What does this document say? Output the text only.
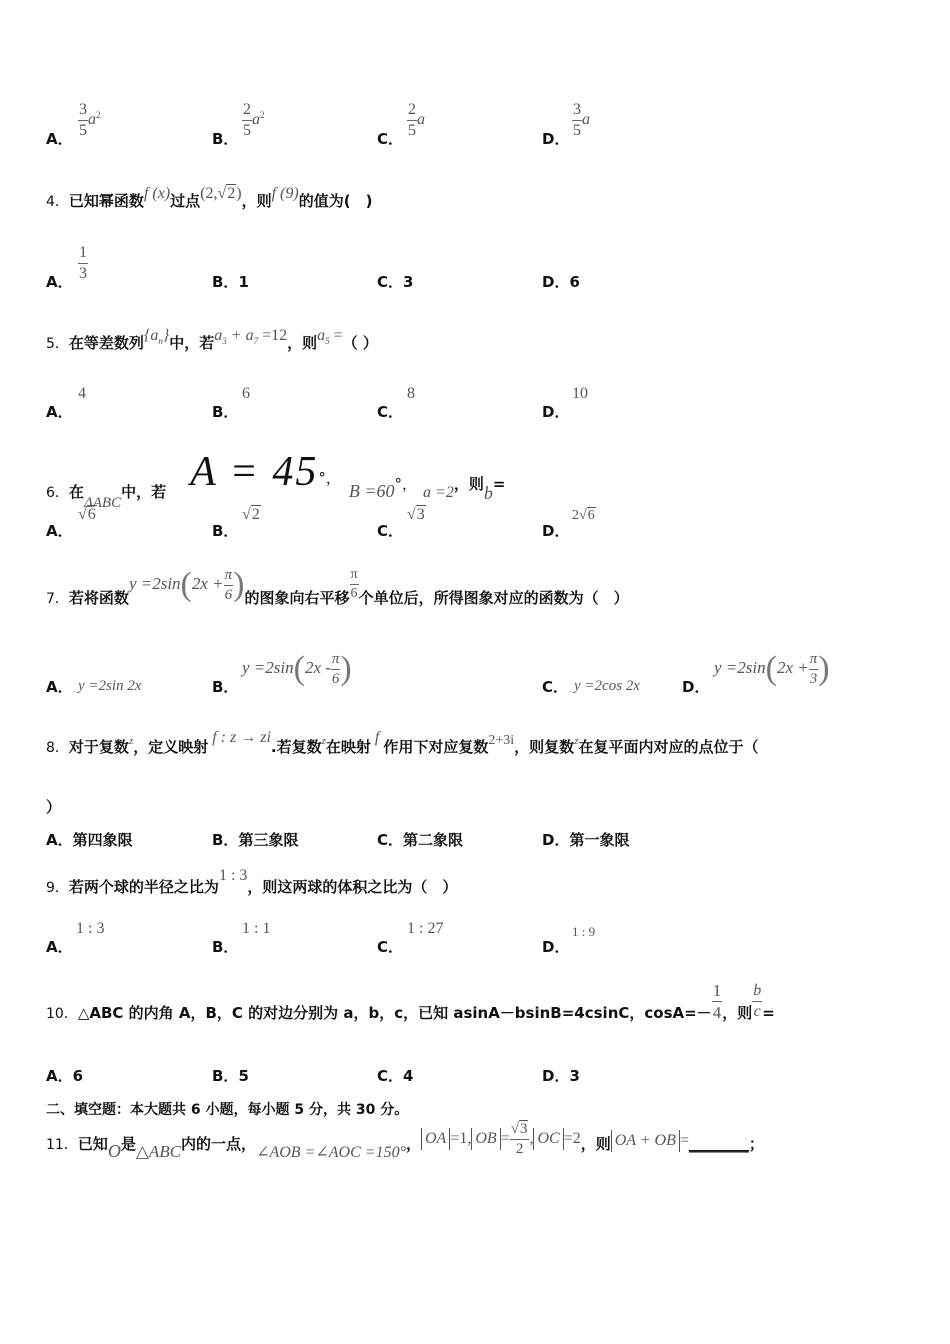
A． $\frac{3}{5} a^2$
B． $\frac{2}{5} a^2$
C． $\frac{2}{5}$ a
D． $\frac{3}{5}$ a
4．已知幂函数f (x)过点(2,√2)，则f (9)的值为(　)
A． $\frac{1}{3}$	B．1	C．3	D．6
5．在等差数列$\{a_n\}$中，若$a_3 + a_7 =12$，则$a_5$ =（ ）
A．
4
B．
6
C．
8
D．
10
6．在ΔABC中，若 A = 45°，B =60°， a =2，则b=
A．
√6
B．
√2
C．
√3
D．
2√6
7．若将函数$y =2\sin(2x + \frac{\pi}{6}$ )的图象向右平移 $\frac{\pi}{6}$ 个单位后，所得图象对应的函数为（　）
A． y =2sin 2x	B．
$y =2\sin(2x - \frac{\pi}{6}$ )	C． y =2cos 2x	D．
$y =2\sin(2x + \frac{\pi}{3}$ )
8．对于复数$^z$，定义映射f : z → zi.若复数$^z$在映射f作用下对应复数2+3i，则复数$^z$在复平面内对应的点位于（
）
A．第四象限	B．第三象限	C．第二象限	D．第一象限
9．若两个球的半径之比为1 : 3，则这两球的体积之比为（　）
A．
1 : 3
B．
1 : 1
C．
1 : 27
D．
1 : 9
10．△ABC 的内角 A，B，C 的对边分别为 a，b，c，已知 asinA－bsinB=4csinC，$\cos A=- \frac{1}{4}$ ，则 $\frac{b}{c}$ =
A．6	B．5	C．4	D．3
二、填空题：本大题共 6 小题，每小题 5 分，共 30 分。
11．已知O是△ABC内的一点，∠AOB =∠AOC =150°， OA =1, OB = $\frac{√3}{2}$ , OC =2，则 OA + OB =________；
